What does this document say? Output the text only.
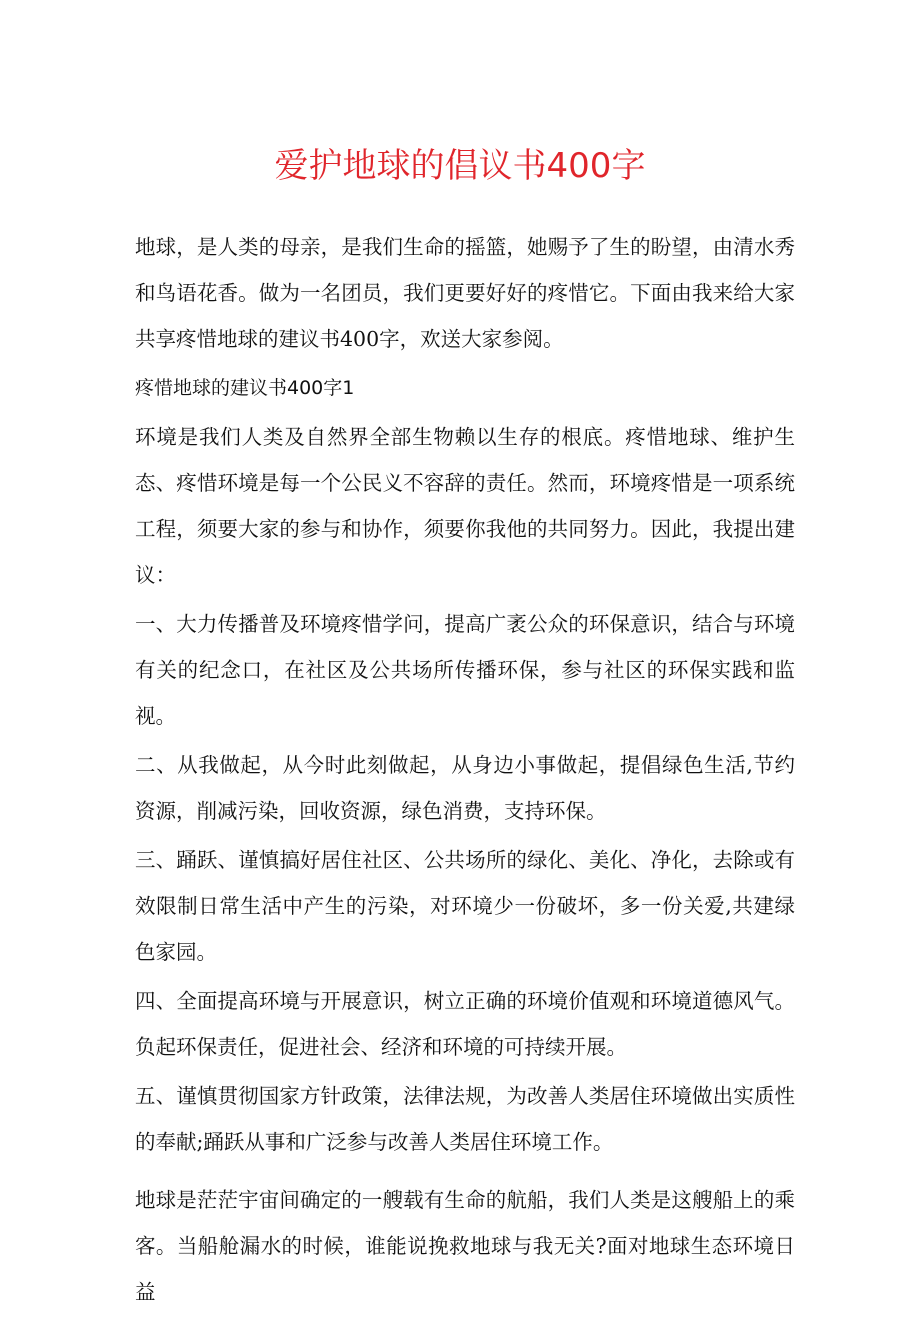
爱护地球的倡议书400字

地球，是人类的母亲，是我们生命的摇篮，她赐予了生的盼望，由清水秀和鸟语花香。做为一名团员，我们更要好好的疼惜它。下面由我来给大家共享疼惜地球的建议书400字，欢送大家参阅。

疼惜地球的建议书400字1

环境是我们人类及自然界全部生物赖以生存的根底。疼惜地球、维护生态、疼惜环境是每一个公民义不容辞的责任。然而，环境疼惜是一项系统工程，须要大家的参与和协作，须要你我他的共同努力。因此，我提出建议：

一、大力传播普及环境疼惜学问，提高广袤公众的环保意识，结合与环境有关的纪念口，在社区及公共场所传播环保，参与社区的环保实践和监视。

二、从我做起，从今时此刻做起，从身边小事做起，提倡绿色生活,节约资源，削减污染，回收资源，绿色消费，支持环保。

三、踊跃、谨慎搞好居住社区、公共场所的绿化、美化、净化，去除或有效限制日常生活中产生的污染，对环境少一份破坏，多一份关爱,共建绿色家园。

四、全面提高环境与开展意识，树立正确的环境价值观和环境道德风气。负起环保责任，促进社会、经济和环境的可持续开展。

五、谨慎贯彻国家方针政策，法律法规，为改善人类居住环境做出实质性的奉献;踊跃从事和广泛参与改善人类居住环境工作。

地球是茫茫宇宙间确定的一艘载有生命的航船，我们人类是这艘船上的乘客。当船舱漏水的时候，谁能说挽救地球与我无关?面对地球生态环境日益
